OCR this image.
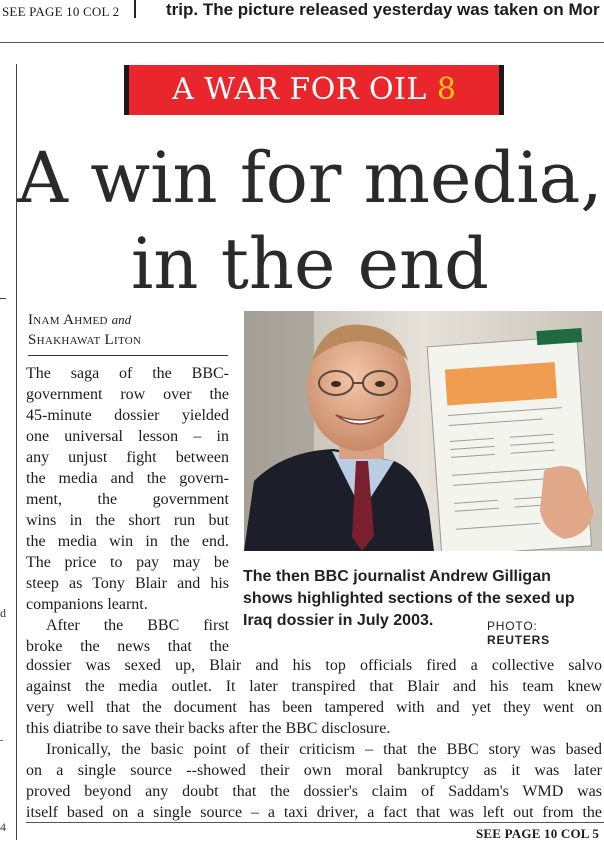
SEE PAGE 10 COL 2	trip. The picture released yesterday was taken on Mor
d
4
A WAR FOR OIL 8
A win for media,
in the end
Inam Ahmed and
Shakhawat Liton
The saga of the BBC-
government row over the
45-minute dossier yielded
one universal lesson – in
any unjust fight between
the media and the govern-
ment, the government
wins in the short run but
the media win in the end.
The price to pay may be
steep as Tony Blair and his
companions learnt.
After the BBC first
broke the news that the
dossier was sexed up, Blair and his top officials fired a collective salvo
against the media outlet. It later transpired that Blair and his team knew
very well that the document has been tampered with and yet they went on
this diatribe to save their backs after the BBC disclosure.
Ironically, the basic point of their criticism – that the BBC story was based
on a single source --showed their own moral bankruptcy as it was later
proved beyond any doubt that the dossier's claim of Saddam's WMD was
itself based on a single source – a taxi driver, a fact that was left out from the
The then BBC journalist Andrew Gilligan shows highlighted sections of the sexed up Iraq dossier in July 2003.	PHOTO: REUTERS
SEE PAGE 10 COL 5
